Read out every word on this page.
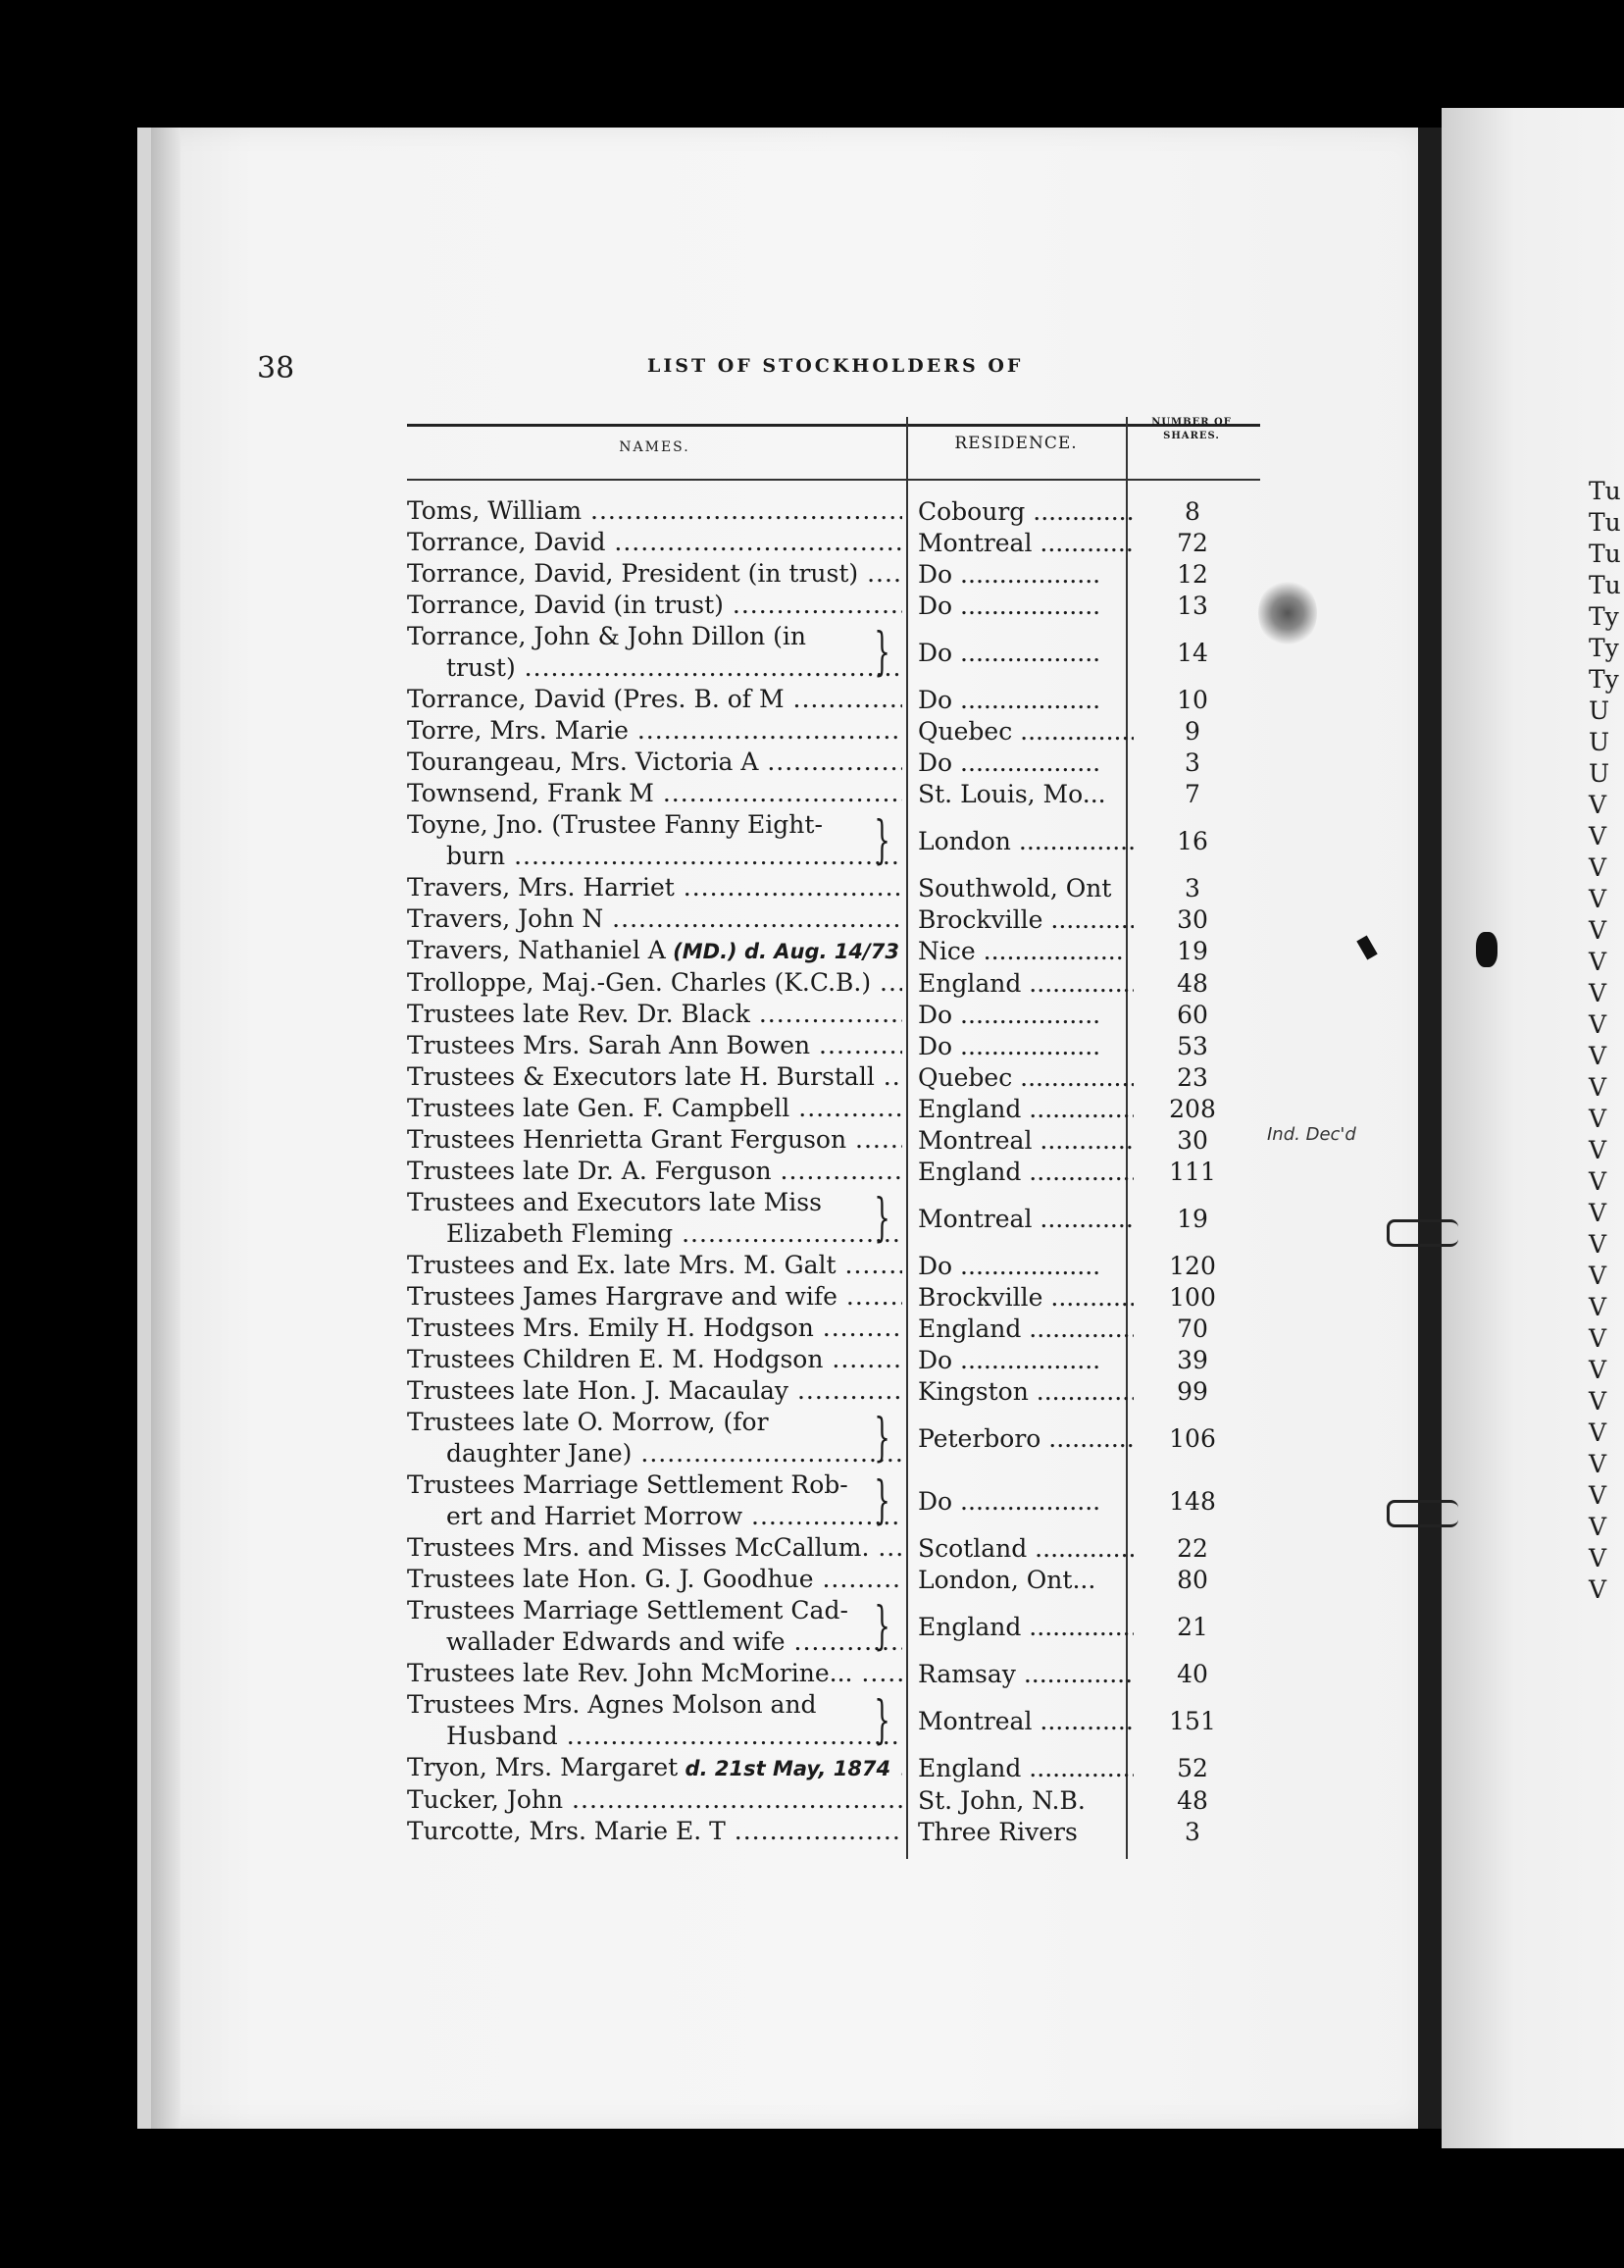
Tu
Tu
Tu
Tu
Ty
Ty
Ty
U
U
U
V
V
V
V
V
V
V
V
V
V
V
V
V
V
V
V
V
V
V
V
V
V
V
V
V
V
38	LIST OF STOCKHOLDERS OF
NAMES.	RESIDENCE.
NUMBER OF
SHARES.
Toms, William .....	Cobourg .....	8
Torrance, David .....	Montreal .....	72
Torrance, David, President (in trust) .....	Do .....	12
Torrance, David (in trust) .....	Do .....	13
Torrance, John & John Dillon (in
trust) .....	}	Do .....	14
Torrance, David (Pres. B. of M .....	Do .....	10
Torre, Mrs. Marie .....	Quebec .....	9
Tourangeau, Mrs. Victoria A .....	Do .....	3
Townsend, Frank M .....	St. Louis, Mo...	7
Toyne, Jno. (Trustee Fanny Eight-
burn .....	}	London .....	16
Travers, Mrs. Harriet .....	Southwold, Ont	3
Travers, John N .....	Brockville .....	30
Travers, Nathaniel A (MD.) d. Aug. 14/73 ..... Nice .....	19
Trolloppe, Maj.-Gen. Charles (K.C.B.) .....	England .....	48
Trustees late Rev. Dr. Black .....	Do .....	60
Trustees Mrs. Sarah Ann Bowen .....	Do .....	53
Trustees & Executors late H. Burstall .....	Quebec .....	23
Trustees late Gen. F. Campbell .....	England .....	208
Trustees Henrietta Grant Ferguson .....	Montreal .....	30
Trustees late Dr. A. Ferguson .....	England .....	111
Trustees and Executors late Miss
Elizabeth Fleming .....	}	Montreal .....	19
Trustees and Ex. late Mrs. M. Galt .....	Do .....	120
Trustees James Hargrave and wife .....	Brockville .....	100
Trustees Mrs. Emily H. Hodgson .....	England .....	70
Trustees Children E. M. Hodgson .....	Do .....	39
Trustees late Hon. J. Macaulay .....	Kingston .....	99
Trustees late O. Morrow, (for
daughter Jane) .....	}	Peterboro .....	106
Trustees Marriage Settlement Rob-
ert and Harriet Morrow .....	}	Do .....	148
Trustees Mrs. and Misses McCallum. .....	Scotland .....	22
Trustees late Hon. G. J. Goodhue .....	London, Ont...	80
Trustees Marriage Settlement Cad-
wallader Edwards and wife .....	}	England .....	21
Trustees late Rev. John McMorine... .....	Ramsay .....	40
Trustees Mrs. Agnes Molson and
Husband .....	}	Montreal .....	151
Tryon, Mrs. Margaret d. 21st May, 1874 .....	England .....	52
Tucker, John .....	St. John, N.B.	48
Turcotte, Mrs. Marie E. T .....	Three Rivers	3
Ind. Dec'd
